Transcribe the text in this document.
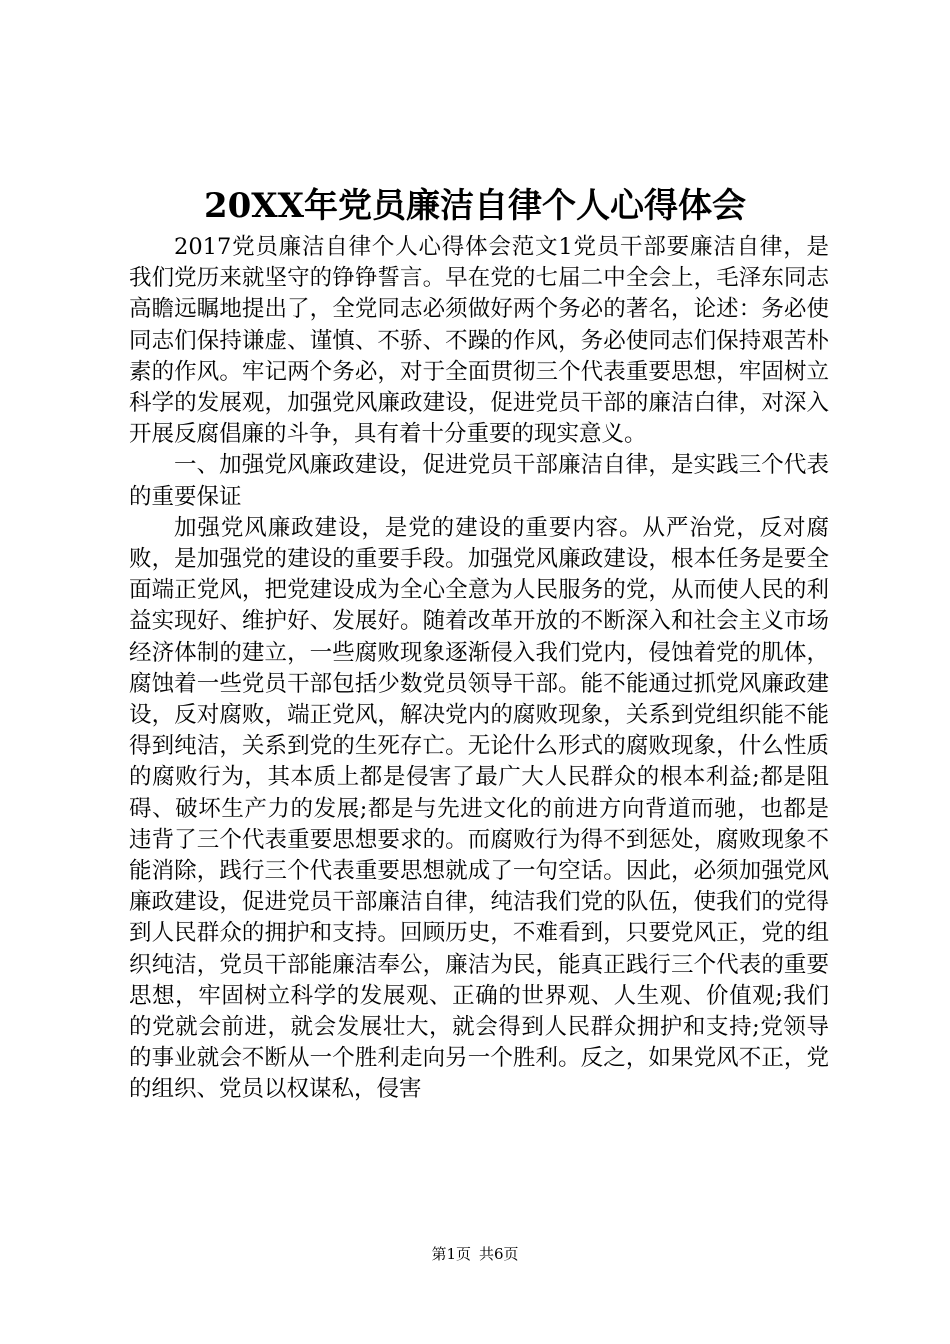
20XX年党员廉洁自律个人心得体会

2017党员廉洁自律个人心得体会范文1党员干部要廉洁自律，是我们党历来就坚守的铮铮誓言。早在党的七届二中全会上，毛泽东同志高瞻远瞩地提出了，全党同志必须做好两个务必的著名，论述：务必使同志们保持谦虚、谨慎、不骄、不躁的作风，务必使同志们保持艰苦朴素的作风。牢记两个务必，对于全面贯彻三个代表重要思想，牢固树立科学的发展观，加强党风廉政建设，促进党员干部的廉洁白律，对深入开展反腐倡廉的斗争，具有着十分重要的现实意义。

一、加强党风廉政建设，促进党员干部廉洁自律，是实践三个代表的重要保证

加强党风廉政建设，是党的建设的重要内容。从严治党，反对腐败，是加强党的建设的重要手段。加强党风廉政建设，根本任务是要全面端正党风，把党建设成为全心全意为人民服务的党，从而使人民的利益实现好、维护好、发展好。随着改革开放的不断深入和社会主义市场经济体制的建立，一些腐败现象逐渐侵入我们党内，侵蚀着党的肌体，腐蚀着一些党员干部包括少数党员领导干部。能不能通过抓党风廉政建设，反对腐败，端正党风，解决党内的腐败现象，关系到党组织能不能得到纯洁，关系到党的生死存亡。无论什么形式的腐败现象，什么性质的腐败行为，其本质上都是侵害了最广大人民群众的根本利益;都是阻碍、破坏生产力的发展;都是与先进文化的前进方向背道而驰，也都是违背了三个代表重要思想要求的。而腐败行为得不到惩处，腐败现象不能消除，践行三个代表重要思想就成了一句空话。因此，必须加强党风廉政建设，促进党员干部廉洁自律，纯洁我们党的队伍，使我们的党得到人民群众的拥护和支持。回顾历史，不难看到，只要党风正，党的组织纯洁，党员干部能廉洁奉公，廉洁为民，能真正践行三个代表的重要思想，牢固树立科学的发展观、正确的世界观、人生观、价值观;我们的党就会前进，就会发展壮大，就会得到人民群众拥护和支持;党领导的事业就会不断从一个胜利走向另一个胜利。反之，如果党风不正，党的组织、党员以权谋私，侵害

第1页 共6页
